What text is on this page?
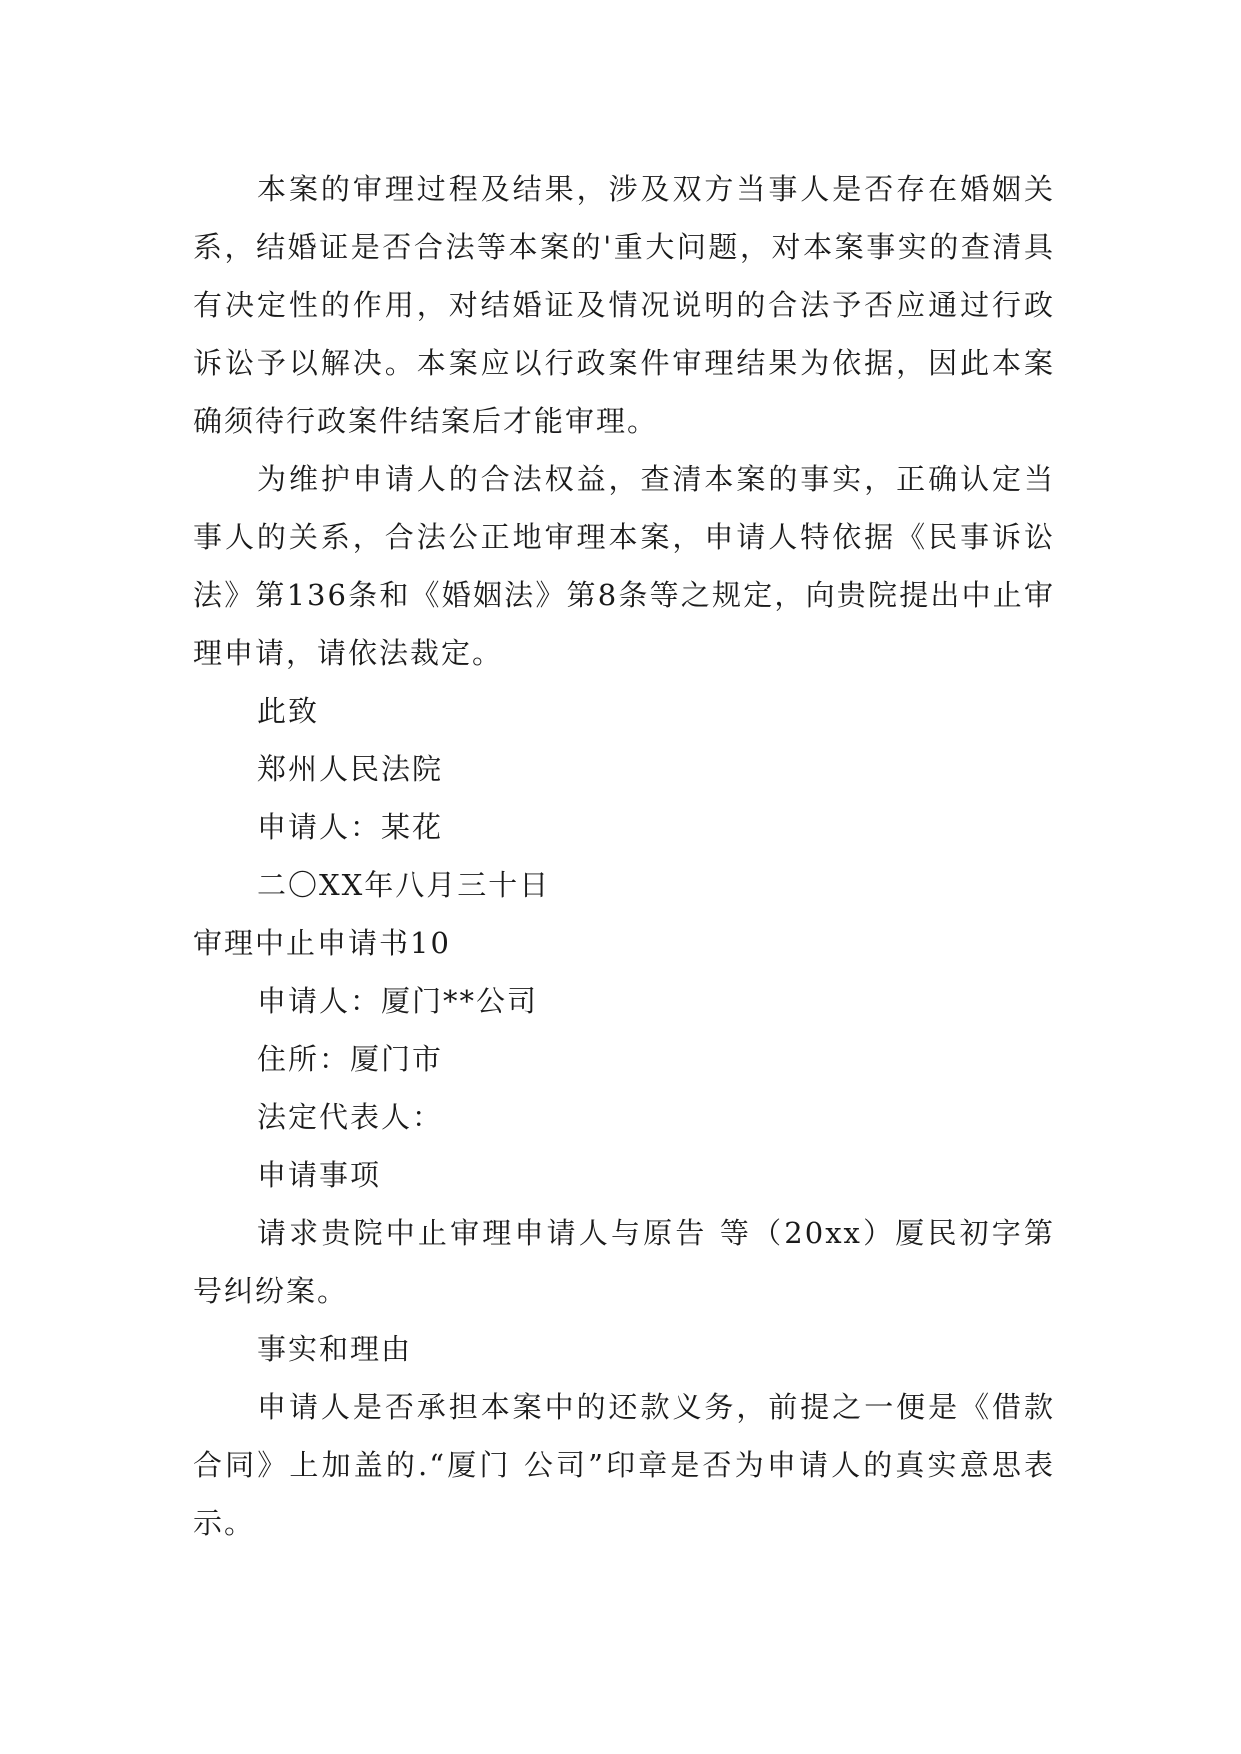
本案的审理过程及结果，涉及双方当事人是否存在婚姻关系，结婚证是否合法等本案的'重大问题，对本案事实的查清具有决定性的作用，对结婚证及情况说明的合法予否应通过行政诉讼予以解决。本案应以行政案件审理结果为依据，因此本案确须待行政案件结案后才能审理。

为维护申请人的合法权益，查清本案的事实，正确认定当事人的关系，合法公正地审理本案，申请人特依据《民事诉讼法》第136条和《婚姻法》第8条等之规定，向贵院提出中止审理申请，请依法裁定。

此致

郑州人民法院

申请人：某花

二〇XX年八月三十日

审理中止申请书10

申请人：厦门**公司

住所：厦门市

法定代表人：

申请事项

请求贵院中止审理申请人与原告 等（20xx）厦民初字第 号纠纷案。

事实和理由

申请人是否承担本案中的还款义务，前提之一便是《借款合同》上加盖的.“厦门 公司”印章是否为申请人的真实意思表示。
